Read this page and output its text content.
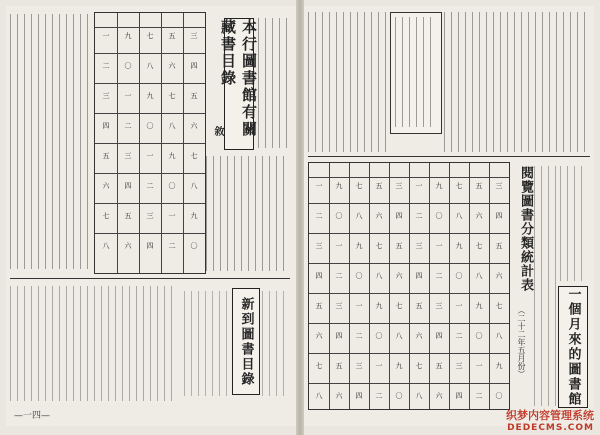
一
二
三
四
五
六
七
八
九
〇
一
二
三
四
五
六
七
八
九
〇
一
二
三
四
五
六
七
八
九
〇
一
二
三
四
五
六
七
八
九
〇
本行圖書館有關藏書目錄
敘
新到圖書目錄
—一四—
一
二
三
四
五
六
七
八
九
〇
一
二
三
四
五
六
七
八
九
〇
一
二
三
四
五
六
七
八
九
〇
一
二
三
四
五
六
七
八
九
〇
一
二
三
四
五
六
七
八
九
〇
一
二
三
四
五
六
七
八
九
〇
一
二
三
四
五
六
七
八
九
〇
一
二
三
四
五
六
七
八
九
〇
閱覽圖書分類統計表
（二十二年五月份）	一個月來的圖書館
织梦内容管理系统
DEDECMS.COM
